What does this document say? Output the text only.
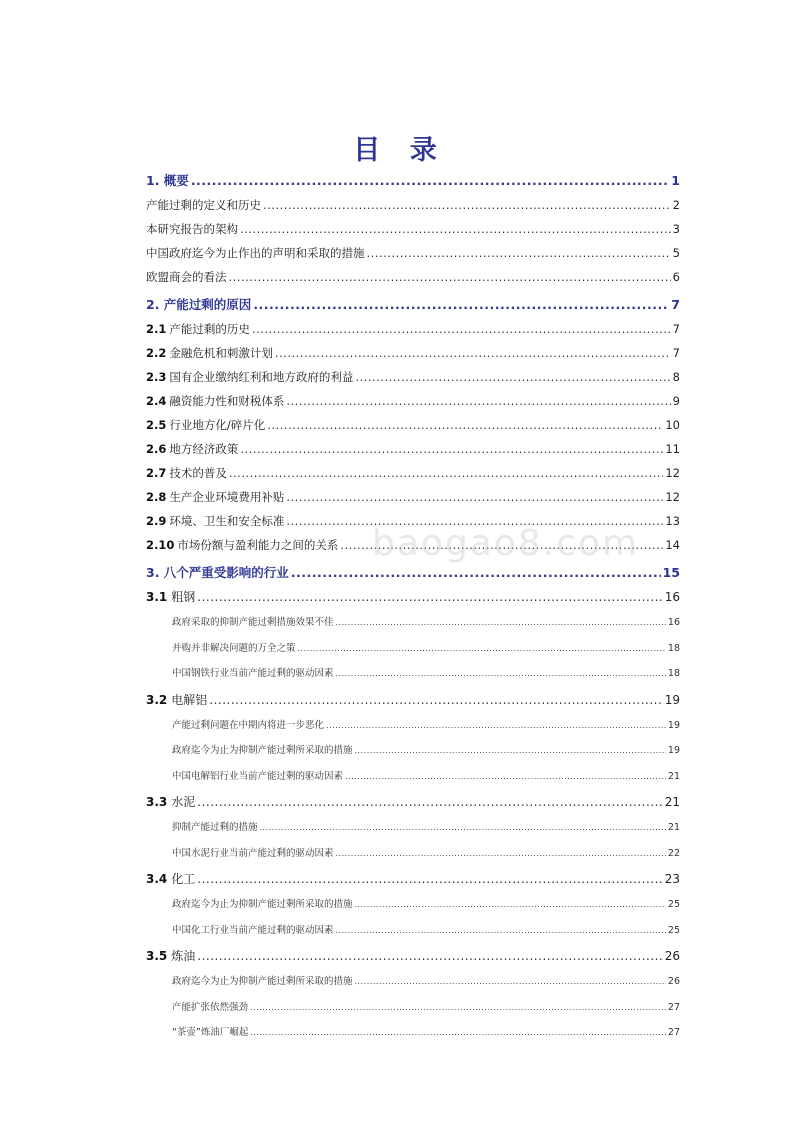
目 录
1. 概要 .....	1
产能过剩的定义和历史 .....	2
本研究报告的架构 .....	3
中国政府迄今为止作出的声明和采取的措施 .....	5
欧盟商会的看法 .....	6
2. 产能过剩的原因 .....	7
2.1 产能过剩的历史 .....	7
2.2 金融危机和刺激计划 .....	7
2.3 国有企业缴纳红利和地方政府的利益 .....	8
2.4 融资能力性和财税体系 .....	9
2.5 行业地方化/碎片化 .....	10
2.6 地方经济政策 .....	11
2.7 技术的普及 .....	12
2.8 生产企业环境费用补贴 .....	12
2.9 环境、卫生和安全标准 .....	13
2.10 市场份额与盈利能力之间的关系 .....	14
3. 八个严重受影响的行业 .....	15
3.1 粗钢 .....	16
政府采取的抑制产能过剩措施效果不佳 .....	16
并购并非解决问题的万全之策 .....	18
中国钢铁行业当前产能过剩的驱动因素 .....	18
3.2 电解铝 .....	19
产能过剩问题在中期内将进一步恶化 .....	19
政府迄今为止为抑制产能过剩所采取的措施 .....	19
中国电解铝行业当前产能过剩的驱动因素 .....	21
3.3 水泥 .....	21
抑制产能过剩的措施 .....	21
中国水泥行业当前产能过剩的驱动因素 .....	22
3.4 化工 .....	23
政府迄今为止为抑制产能过剩所采取的措施 .....	25
中国化工行业当前产能过剩的驱动因素 .....	25
3.5 炼油 .....	26
政府迄今为止为抑制产能过剩所采取的措施 .....	26
产能扩张依然强劲 .....	27
“茶壶”炼油厂崛起 .....	27
baogao8.com
